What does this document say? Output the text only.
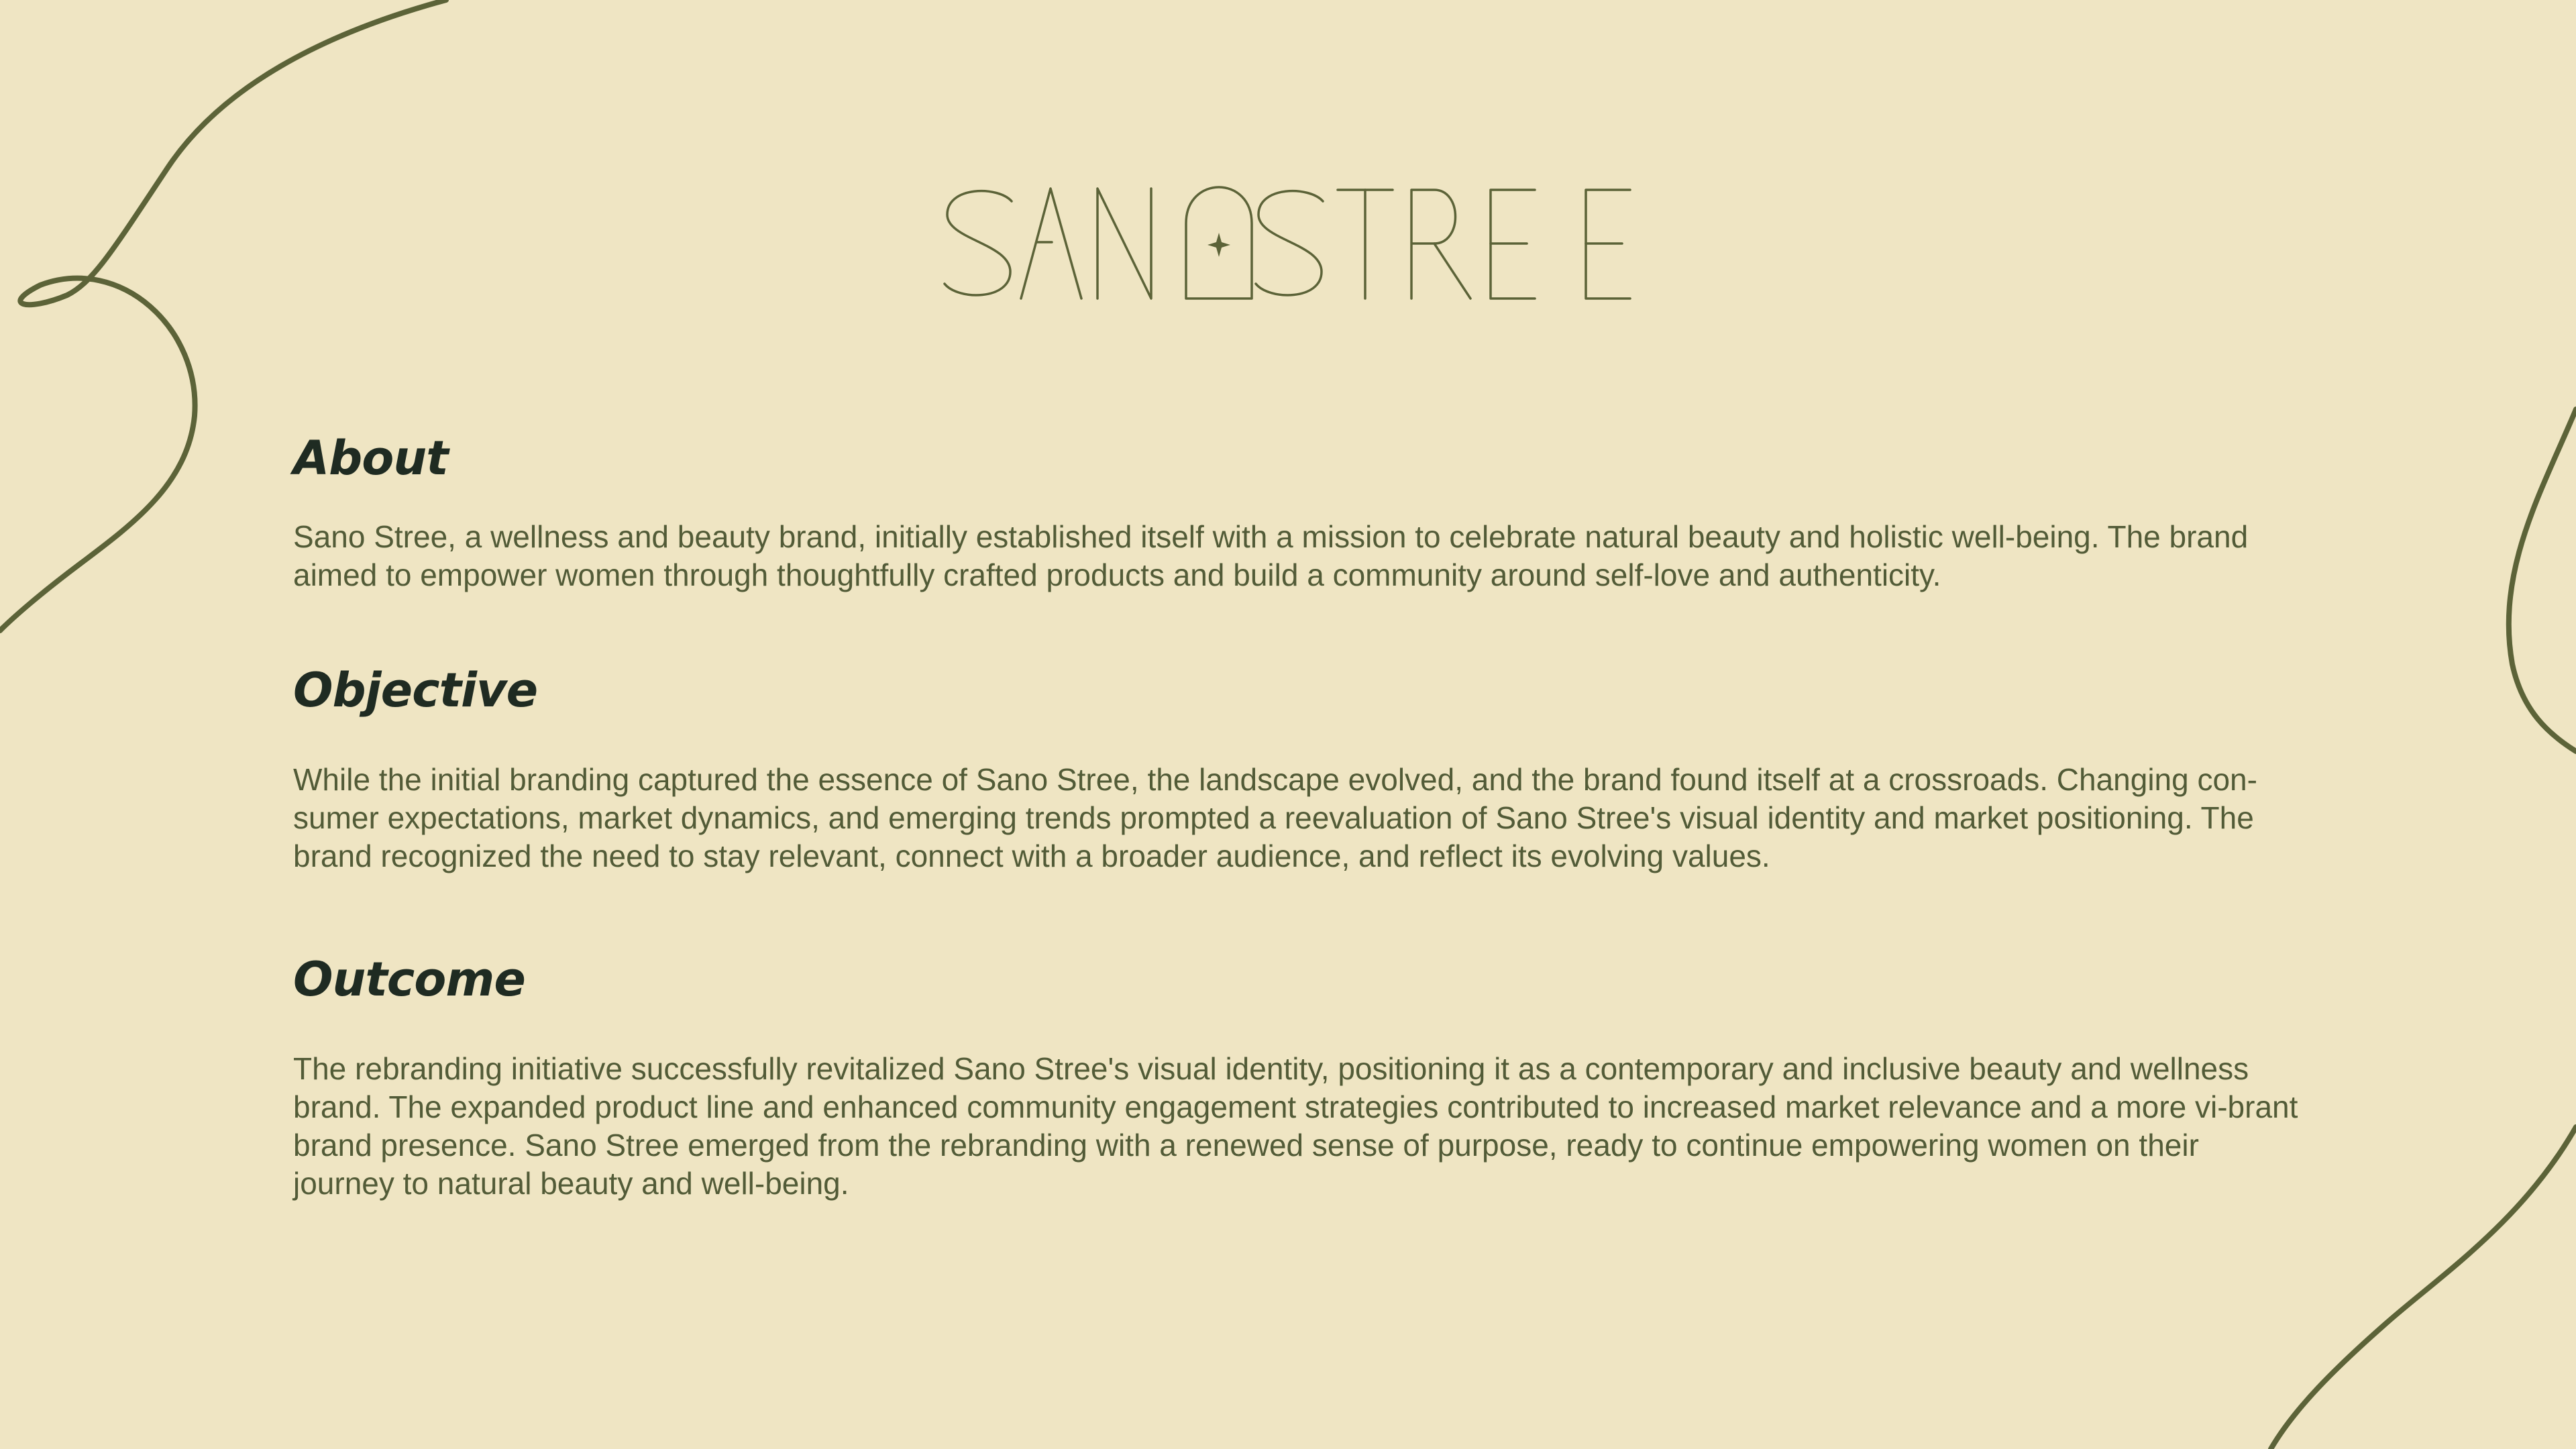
About

Sano Stree, a wellness and beauty brand, initially established itself with a mission to celebrate natural beauty and holistic well-being. The brand aimed to empower women through thoughtfully crafted products and build a community around self-love and authenticity.

Objective

While the initial branding captured the essence of Sano Stree, the landscape evolved, and the brand found itself at a crossroads. Changing con-sumer expectations, market dynamics, and emerging trends prompted a reevaluation of Sano Stree's visual identity and market positioning. The brand recognized the need to stay relevant, connect with a broader audience, and reflect its evolving values.

Outcome

The rebranding initiative successfully revitalized Sano Stree's visual identity, positioning it as a contemporary and inclusive beauty and wellness brand. The expanded product line and enhanced community engagement strategies contributed to increased market relevance and a more vi-brant brand presence. Sano Stree emerged from the rebranding with a renewed sense of purpose, ready to continue empowering women on their journey to natural beauty and well-being.
